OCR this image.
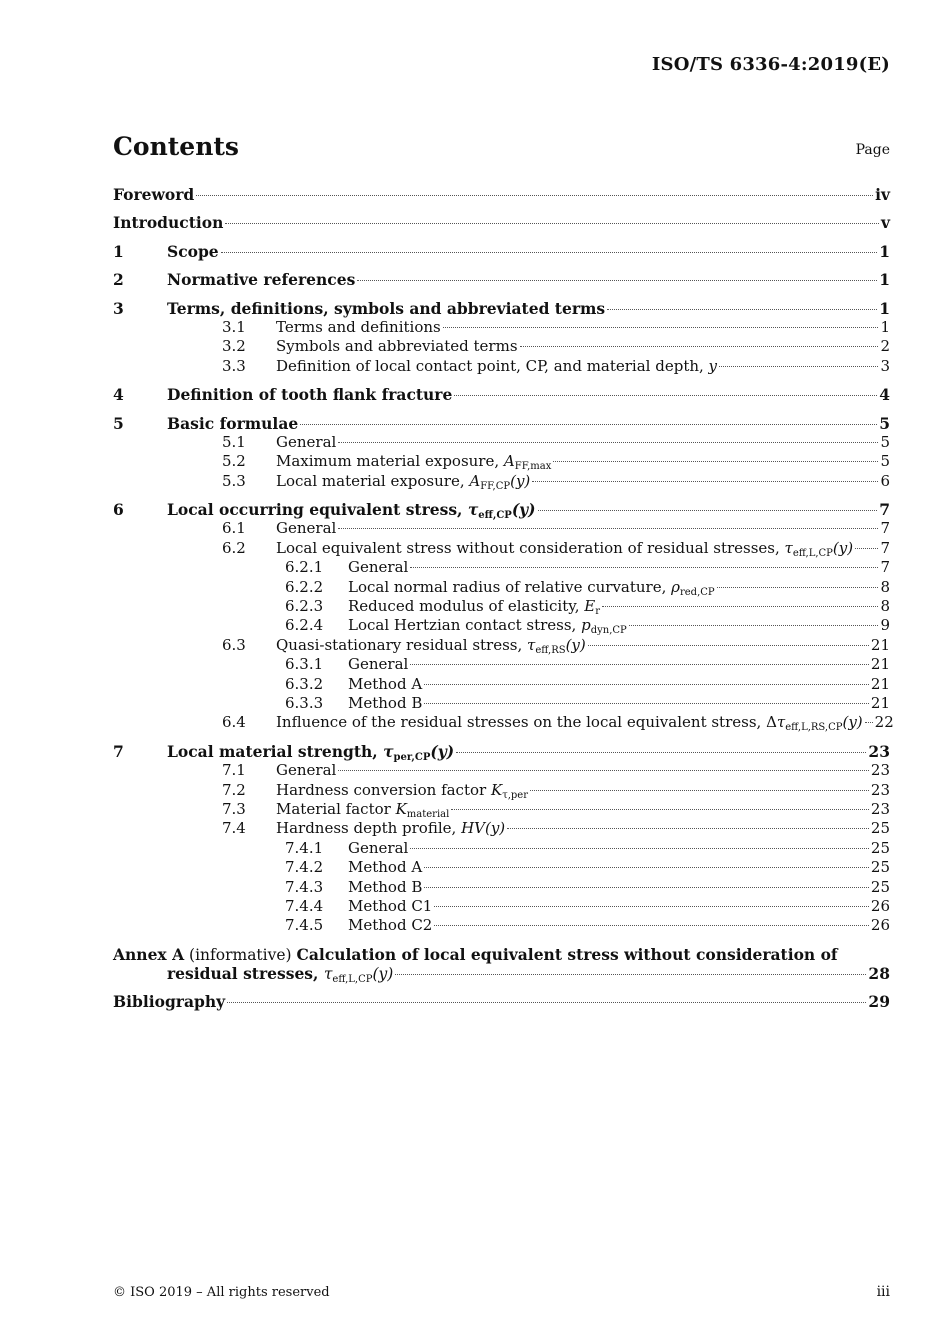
ISO/TS 6336-4:2019(E)
Contents	Page
Foreword	iv
Introduction	v
1	Scope	1
2	Normative references	1
3	Terms, definitions, symbols and abbreviated terms	1
3.1	Terms and definitions	1
3.2	Symbols and abbreviated terms	2
3.3	Definition of local contact point, CP, and material depth, y	3
4	Definition of tooth flank fracture	4
5	Basic formulae	5
5.1	General	5
5.2	Maximum material exposure, $A_{FF,max}$	5
5.3	Local material exposure, $A_{FF,CP}(y)$	6
6	Local occurring equivalent stress, $\tau_{eff,CP}(y)$	7
6.1	General	7
6.2	Local equivalent stress without consideration of residual stresses, $\tau_{eff,L,CP}(y)$ 7
6.2.1	General	7
6.2.2	Local normal radius of relative curvature, $\rho_{red,CP}$	8
6.2.3	Reduced modulus of elasticity, $E_r$	8
6.2.4	Local Hertzian contact stress, $p_{dyn,CP}$	9
6.3	Quasi-stationary residual stress, $\tau_{eff,RS}(y)$	21
6.3.1	General	21
6.3.2	Method A	21
6.3.3	Method B	21
6.4	Influence of the residual stresses on the local equivalent stress, $\Delta\tau_{eff,L,RS,CP}(y)$ 22
7	Local material strength, $\tau_{per,CP}(y)$	23
7.1	General	23
7.2	Hardness conversion factor $K_{\tau,per}$	23
7.3	Material factor $K_{material}$	23
7.4	Hardness depth profile, HV(y)	25
7.4.1	General	25
7.4.2	Method A	25
7.4.3	Method B	25
7.4.4	Method C1	26
7.4.5	Method C2	26
Annex A (informative) Calculation of local equivalent stress without consideration of
residual stresses, $\tau_{eff,L,CP}(y)$	28
Bibliography	29
© ISO 2019 – All rights reserved	iii
